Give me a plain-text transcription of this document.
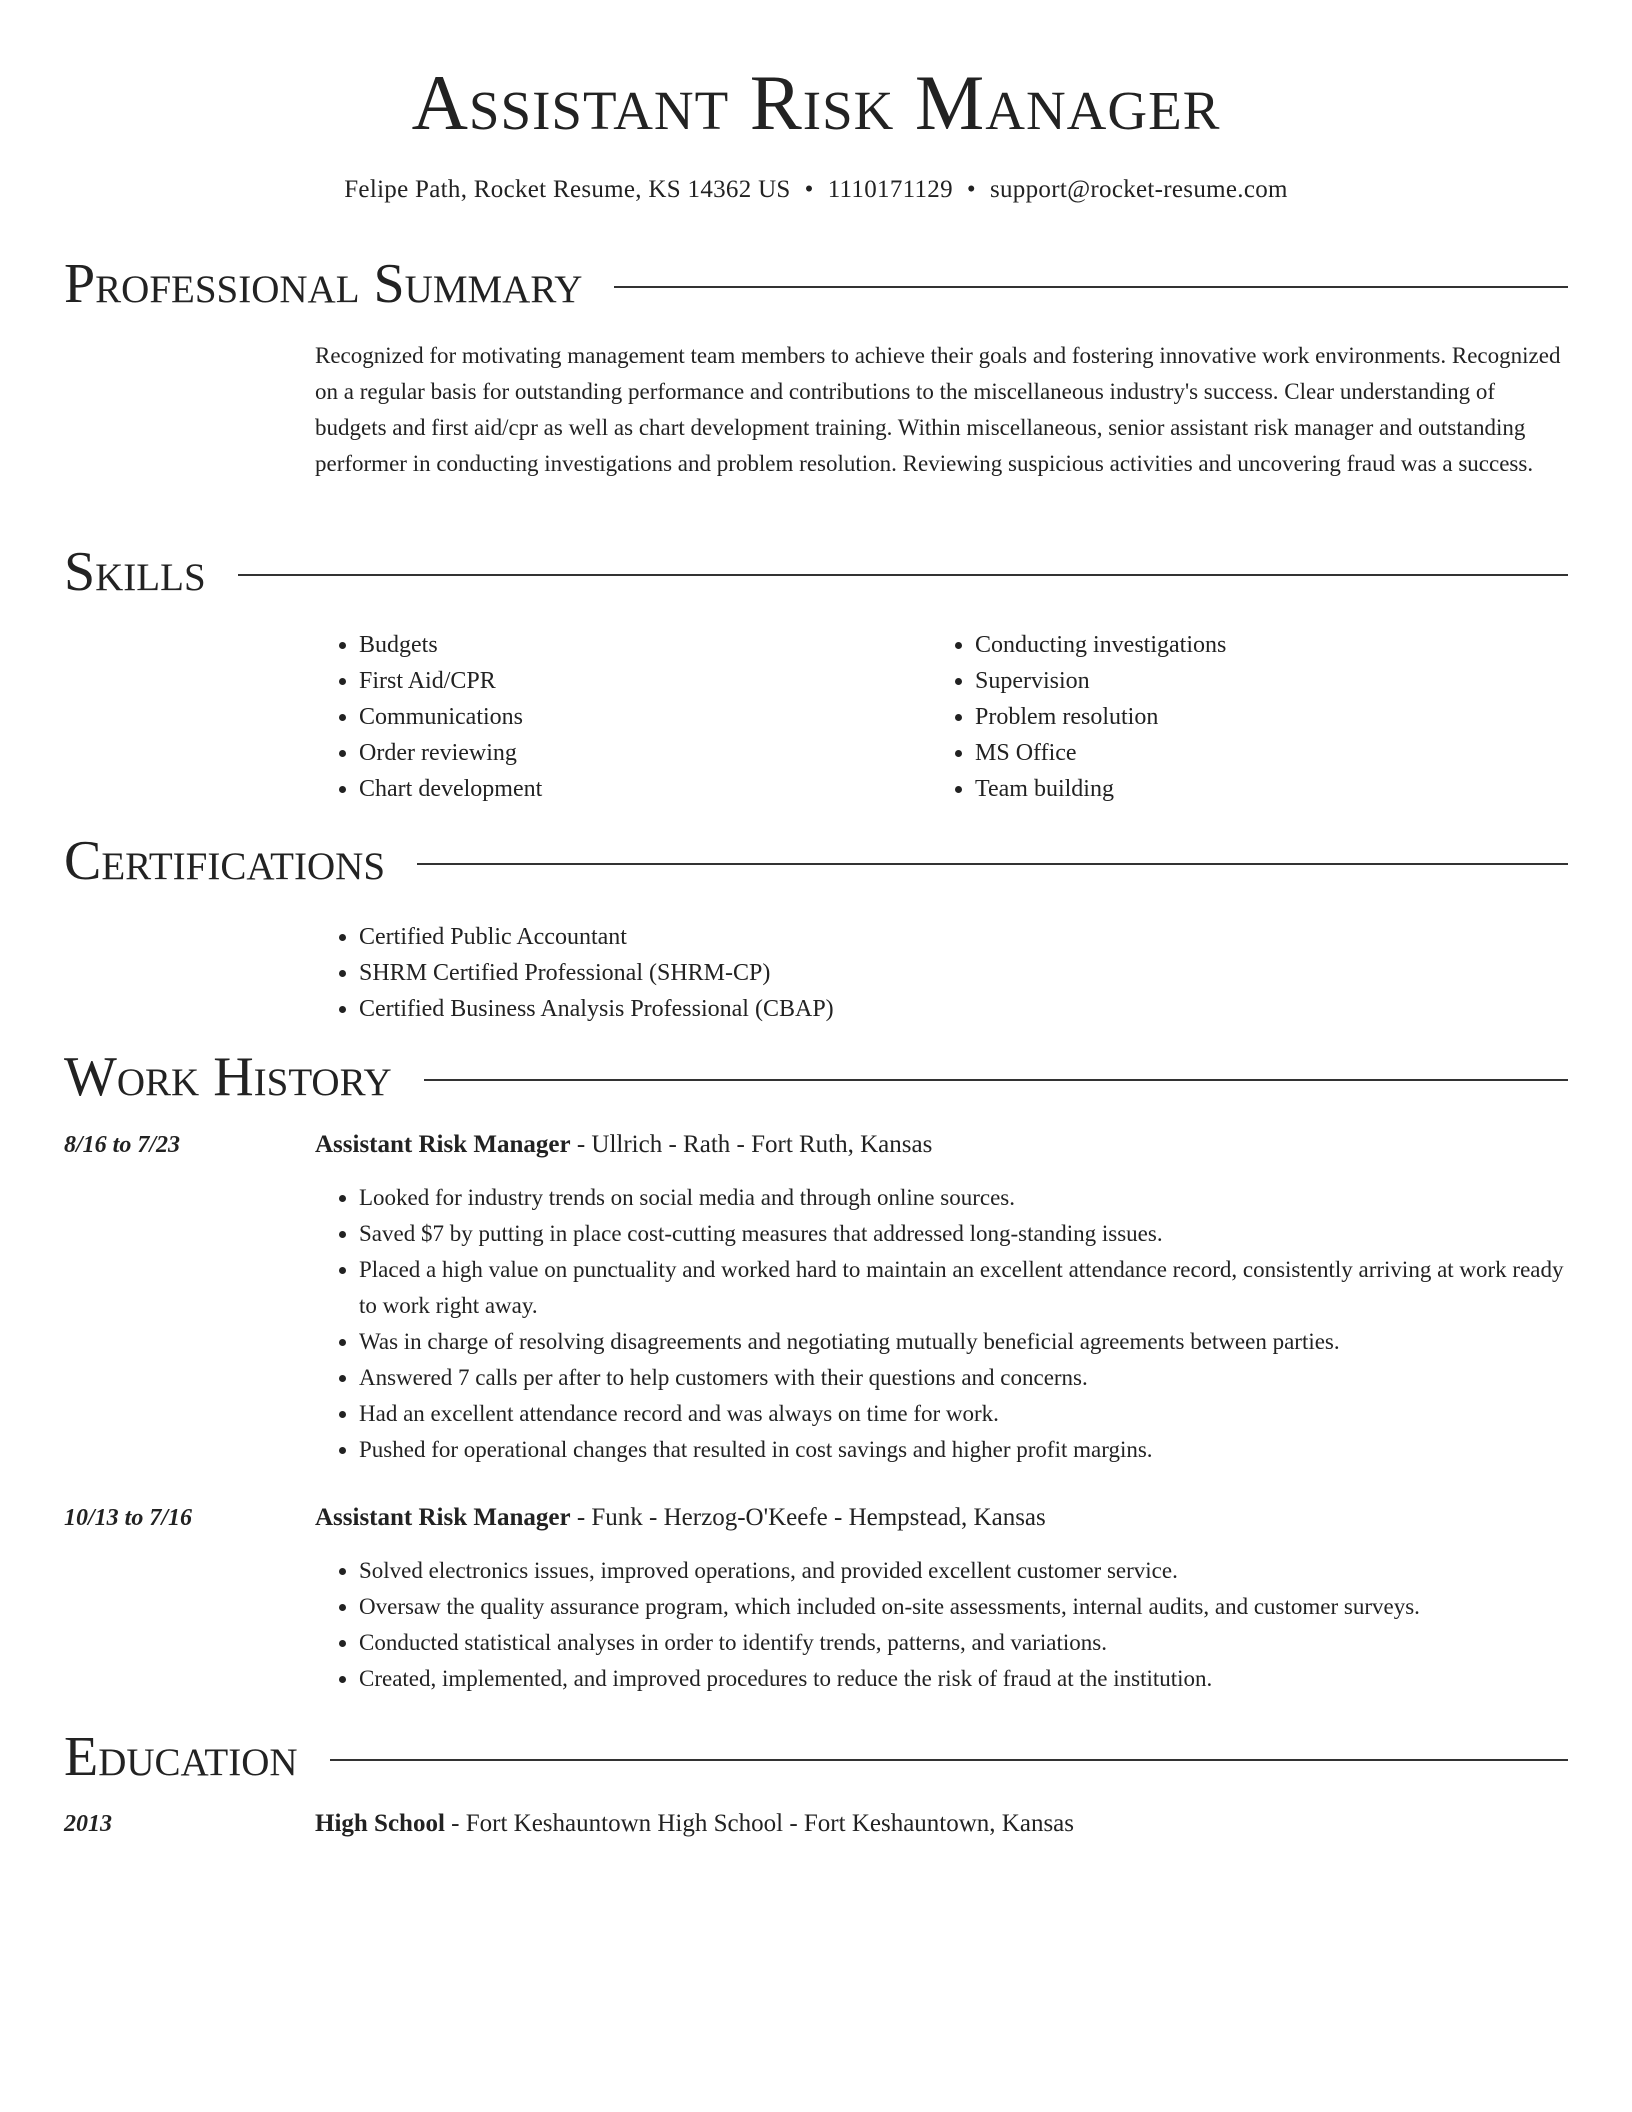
Assistant Risk Manager
Felipe Path, Rocket Resume, KS 14362 US • 1110171129 • support@rocket-resume.com
Professional Summary

Recognized for motivating management team members to achieve their goals and fostering innovative work environments. Recognized on a regular basis for outstanding performance and contributions to the miscellaneous industry's success. Clear understanding of budgets and first aid/cpr as well as chart development training. Within miscellaneous, senior assistant risk manager and outstanding performer in conducting investigations and problem resolution. Reviewing suspicious activities and uncovering fraud was a success.

Skills
• Budgets
• First Aid/CPR
• Communications
• Order reviewing
• Chart development
• Conducting investigations
• Supervision
• Problem resolution
• MS Office
• Team building
Certifications
• Certified Public Accountant
• SHRM Certified Professional (SHRM-CP)
• Certified Business Analysis Professional (CBAP)
Work History
8/16 to 7/23	Assistant Risk Manager - Ullrich - Rath - Fort Ruth, Kansas
• Looked for industry trends on social media and through online sources.
• Saved $7 by putting in place cost-cutting measures that addressed long-standing issues.
• Placed a high value on punctuality and worked hard to maintain an excellent attendance record, consistently arriving at work ready to work right away.
• Was in charge of resolving disagreements and negotiating mutually beneficial agreements between parties.
• Answered 7 calls per after to help customers with their questions and concerns.
• Had an excellent attendance record and was always on time for work.
• Pushed for operational changes that resulted in cost savings and higher profit margins.
10/13 to 7/16	Assistant Risk Manager - Funk - Herzog-O'Keefe - Hempstead, Kansas
• Solved electronics issues, improved operations, and provided excellent customer service.
• Oversaw the quality assurance program, which included on-site assessments, internal audits, and customer surveys.
• Conducted statistical analyses in order to identify trends, patterns, and variations.
• Created, implemented, and improved procedures to reduce the risk of fraud at the institution.
Education
2013	High School - Fort Keshauntown High School - Fort Keshauntown, Kansas
